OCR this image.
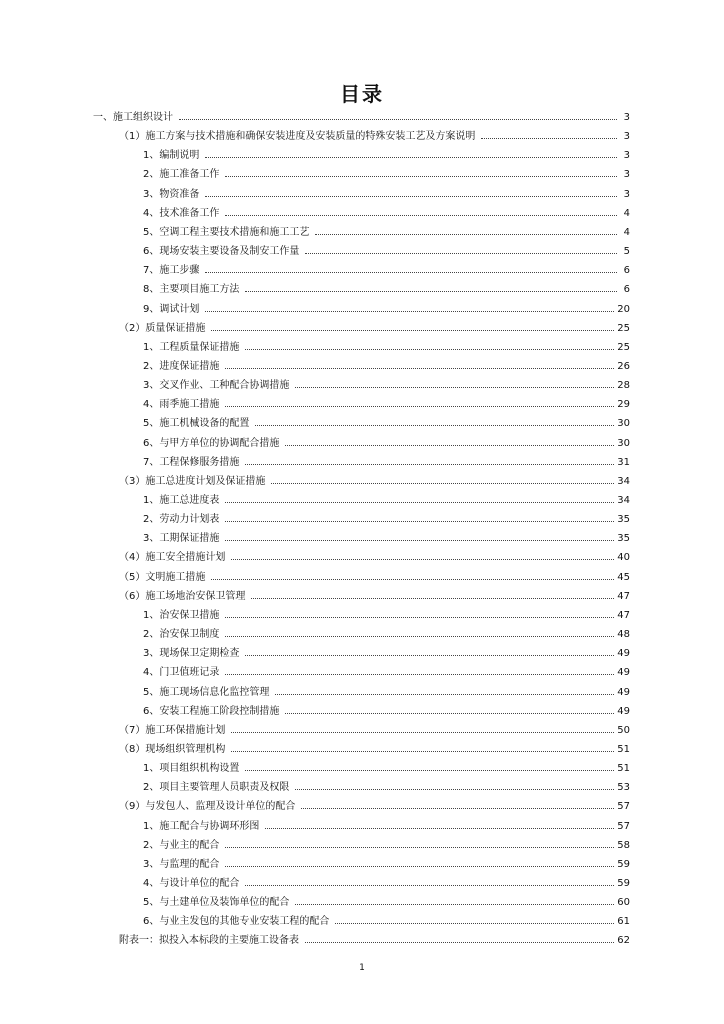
目录
一、施工组织设计	3
（1）施工方案与技术措施和确保安装进度及安装质量的特殊安装工艺及方案说明	3
1、编制说明	3
2、施工准备工作	3
3、物资准备	3
4、技术准备工作	4
5、空调工程主要技术措施和施工工艺	4
6、现场安装主要设备及制安工作量	5
7、施工步骤	6
8、主要项目施工方法	6
9、调试计划	20
（2）质量保证措施	25
1、工程质量保证措施	25
2、进度保证措施	26
3、交叉作业、工种配合协调措施	28
4、雨季施工措施	29
5、施工机械设备的配置	30
6、与甲方单位的协调配合措施	30
7、工程保修服务措施	31
（3）施工总进度计划及保证措施	34
1、施工总进度表	34
2、劳动力计划表	35
3、工期保证措施	35
（4）施工安全措施计划	40
（5）文明施工措施	45
（6）施工场地治安保卫管理	47
1、治安保卫措施	47
2、治安保卫制度	48
3、现场保卫定期检查	49
4、门卫值班记录	49
5、施工现场信息化监控管理	49
6、安装工程施工阶段控制措施	49
（7）施工环保措施计划	50
（8）现场组织管理机构	51
1、项目组织机构设置	51
2、项目主要管理人员职责及权限	53
（9）与发包人、监理及设计单位的配合	57
1、施工配合与协调环形图	57
2、与业主的配合	58
3、与监理的配合	59
4、与设计单位的配合	59
5、与土建单位及装饰单位的配合	60
6、与业主发包的其他专业安装工程的配合	61
附表一：拟投入本标段的主要施工设备表	62
1
